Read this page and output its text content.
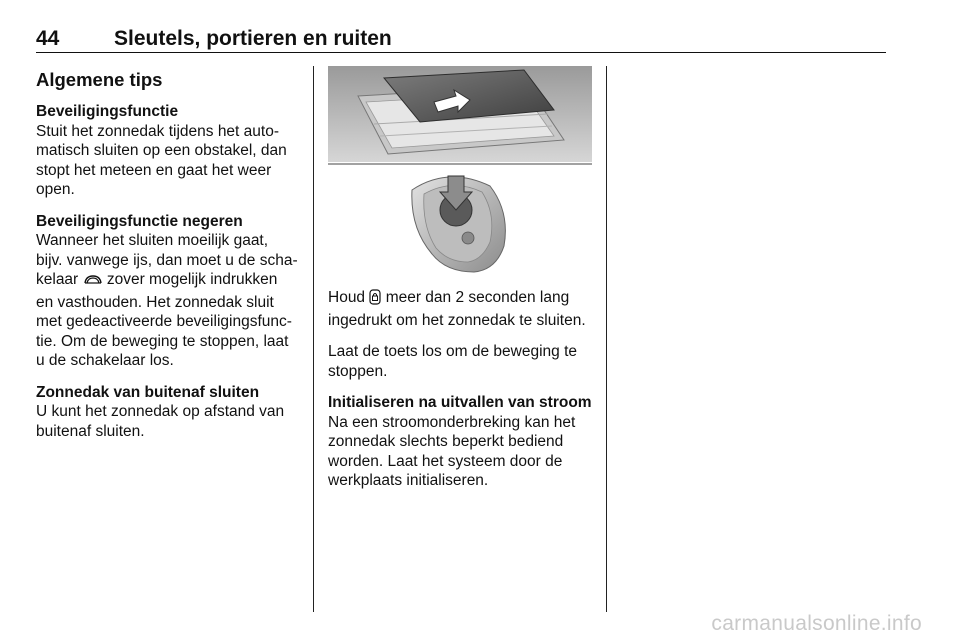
44	Sleutels, portieren en ruiten
Algemene tips
Beveiligingsfunctie

Stuit het zonnedak tijdens het auto-
matisch sluiten op een obstakel, dan
stopt het meteen en gaat het weer
open.

Beveiligingsfunctie negeren

Wanneer het sluiten moeilijk gaat,
bijv. vanwege ijs, dan moet u de scha-
kelaar zover mogelijk indrukken
en vasthouden. Het zonnedak sluit
met gedeactiveerde beveiligingsfunc-
tie. Om de beweging te stoppen, laat
u de schakelaar los.

Zonnedak van buitenaf sluiten

U kunt het zonnedak op afstand van
buitenaf sluiten.

Houd meer dan 2 seconden lang
ingedrukt om het zonnedak te sluiten.

Laat de toets los om de beweging te
stoppen.

Initialiseren na uitvallen van stroom

Na een stroomonderbreking kan het
zonnedak slechts beperkt bediend
worden. Laat het systeem door de
werkplaats initialiseren.

carmanualsonline.info
